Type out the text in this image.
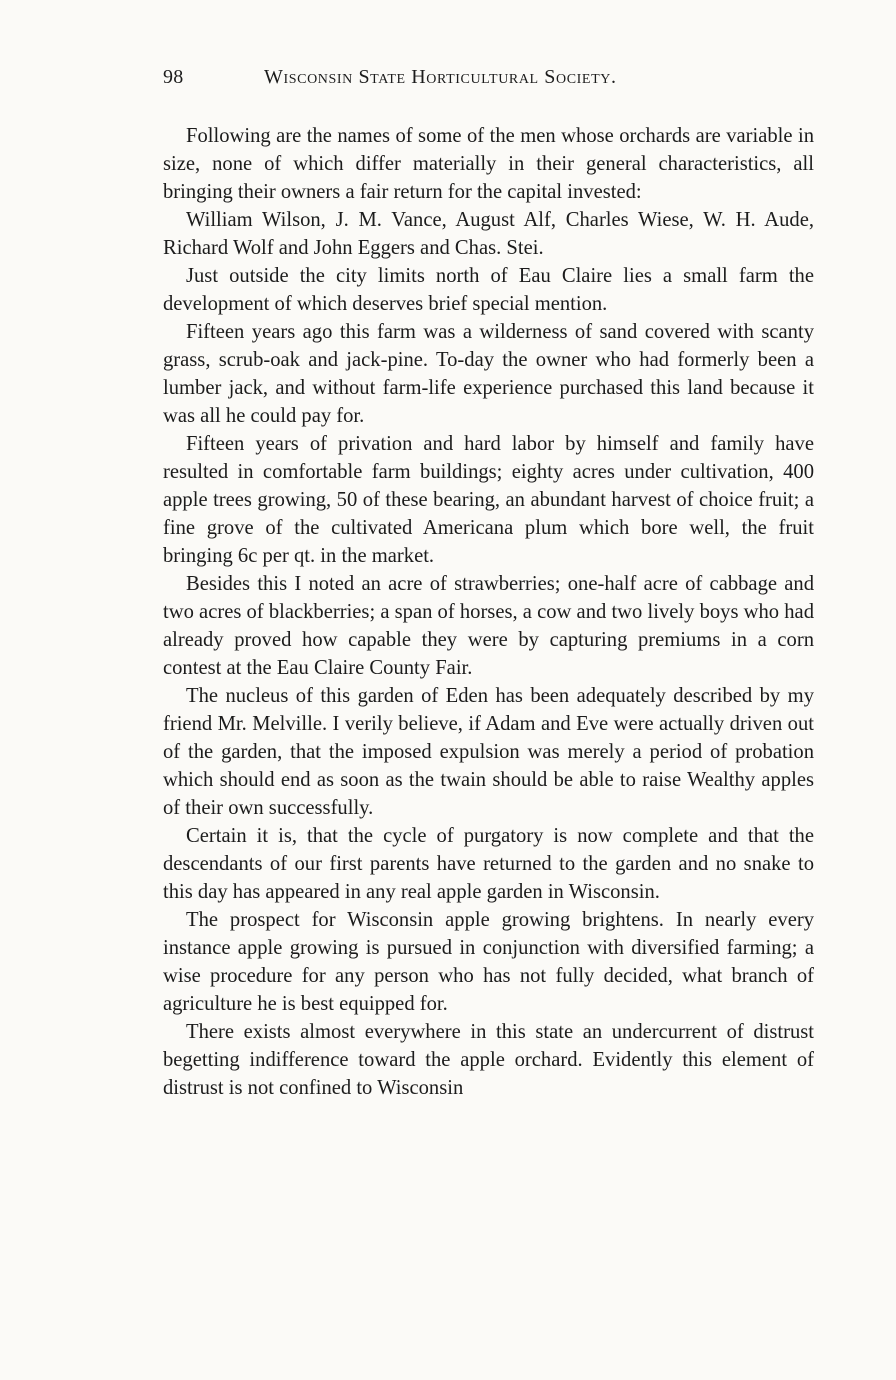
98	Wisconsin State Horticultural Society.

Following are the names of some of the men whose orchards are variable in size, none of which differ materially in their general characteristics, all bringing their owners a fair return for the capital invested:

William Wilson, J. M. Vance, August Alf, Charles Wiese, W. H. Aude, Richard Wolf and John Eggers and Chas. Stei.

Just outside the city limits north of Eau Claire lies a small farm the development of which deserves brief special mention.

Fifteen years ago this farm was a wilderness of sand covered with scanty grass, scrub-oak and jack-pine. To-day the owner who had formerly been a lumber jack, and without farm-life experience purchased this land because it was all he could pay for.

Fifteen years of privation and hard labor by himself and family have resulted in comfortable farm buildings; eighty acres under cultivation, 400 apple trees growing, 50 of these bearing, an abundant harvest of choice fruit; a fine grove of the cultivated Americana plum which bore well, the fruit bringing 6c per qt. in the market.

Besides this I noted an acre of strawberries; one-half acre of cabbage and two acres of blackberries; a span of horses, a cow and two lively boys who had already proved how capable they were by capturing premiums in a corn contest at the Eau Claire County Fair.

The nucleus of this garden of Eden has been adequately described by my friend Mr. Melville. I verily believe, if Adam and Eve were actually driven out of the garden, that the imposed expulsion was merely a period of probation which should end as soon as the twain should be able to raise Wealthy apples of their own successfully.

Certain it is, that the cycle of purgatory is now complete and that the descendants of our first parents have returned to the garden and no snake to this day has appeared in any real apple garden in Wisconsin.

The prospect for Wisconsin apple growing brightens. In nearly every instance apple growing is pursued in conjunction with diversified farming; a wise procedure for any person who has not fully decided, what branch of agriculture he is best equipped for.

There exists almost everywhere in this state an undercurrent of distrust begetting indifference toward the apple orchard. Evidently this element of distrust is not confined to Wisconsin
